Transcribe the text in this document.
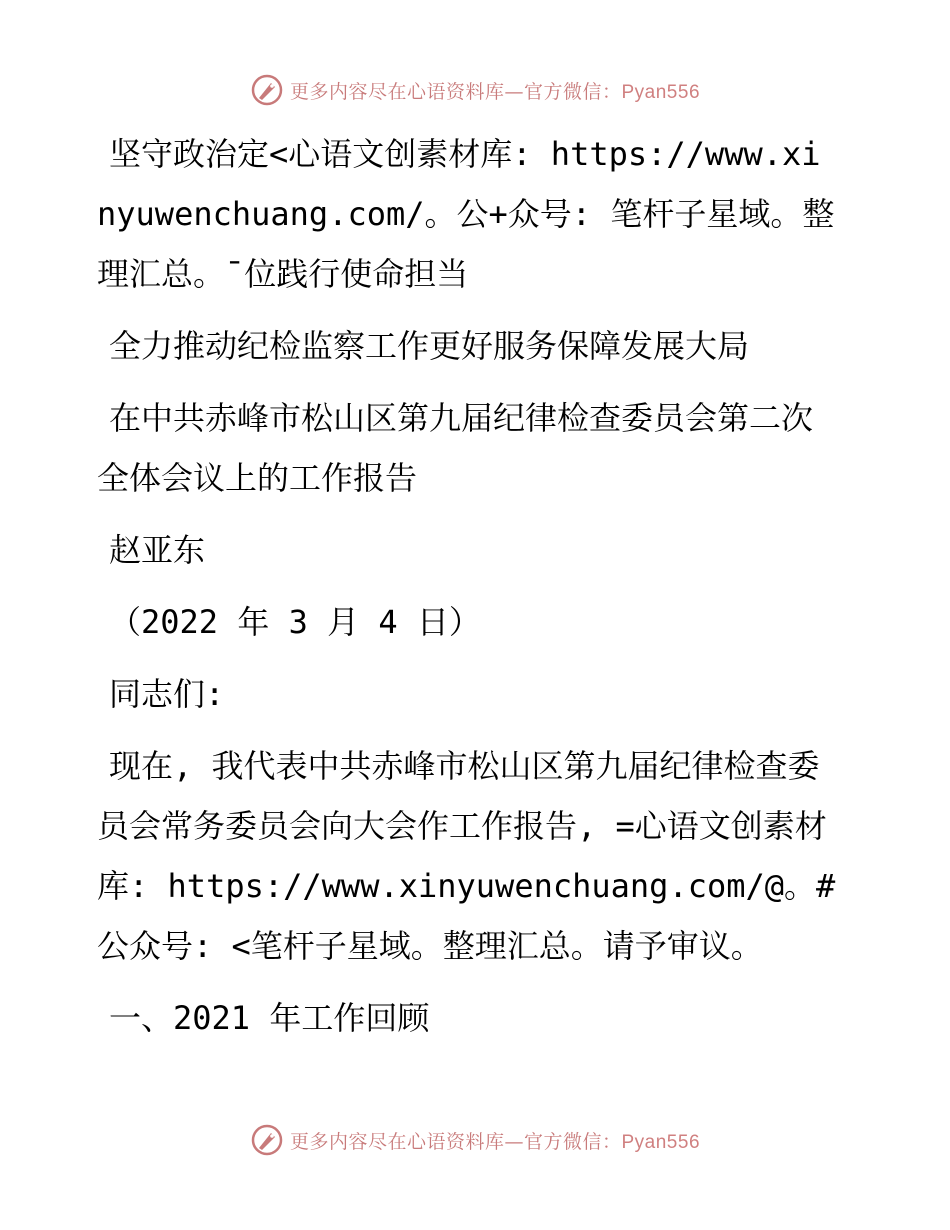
更多内容尽在心语资料库—官方微信：Pyan556

坚守政治定<心语文创素材库: https://www.xinyuwenchuang.com/。公+众号: 笔杆子星域。整理汇总。¯位践行使命担当

全力推动纪检监察工作更好服务保障发展大局

在中共赤峰市松山区第九届纪律检查委员会第二次全体会议上的工作报告

赵亚东

（2022 年 3 月 4 日）

同志们:

现在, 我代表中共赤峰市松山区第九届纪律检查委员会常务委员会向大会作工作报告, =心语文创素材库: https://www.xinyuwenchuang.com/@。#公众号: <笔杆子星域。整理汇总。请予审议。

一、2021 年工作回顾

更多内容尽在心语资料库—官方微信：Pyan556
